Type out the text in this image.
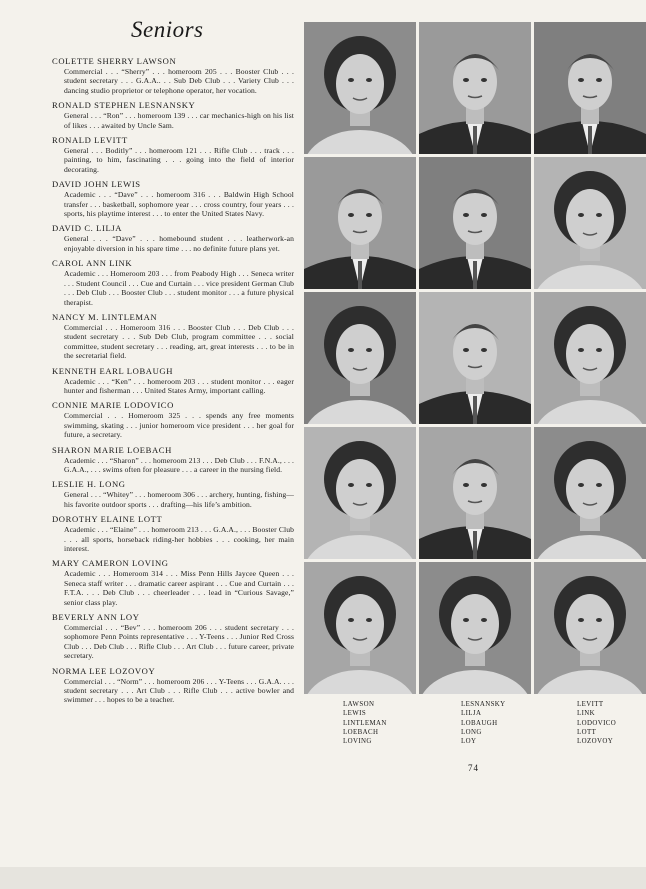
Seniors
COLETTE SHERRY LAWSON
Commercial . . . “Sherry” . . . homeroom 205 . . . Booster Club . . . student secretary . . . G.A.A.. . . Sub Deb Club . . . Variety Club . . . dancing studio proprietor or telephone operator, her vocation.
RONALD STEPHEN LESNANSKY
General . . . “Ron” . . . homeroom 139 . . . car mechanics-high on his list of likes . . . awaited by Uncle Sam.
RONALD LEVITT
General . . . Boditly” . . . homeroom 121 . . . Rifle Club . . . track . . . painting, to him, fascinating . . . going into the field of interior decorating.
DAVID JOHN LEWIS
Academic . . . “Dave” . . . homeroom 316 . . . Baldwin High School transfer . . . basketball, sophomore year . . . cross country, four years . . . sports, his playtime interest . . . to enter the United States Navy.
DAVID C. LILJA
General . . . “Dave” . . . homebound student . . . leatherwork-an enjoyable diversion in his spare time . . . no definite future plans yet.
CAROL ANN LINK
Academic . . . Homeroom 203 . . . from Peabody High . . . Seneca writer . . . Student Council . . . Cue and Curtain . . . vice president German Club . . . Deb Club . . . Booster Club . . . student monitor . . . a future physical therapist.
NANCY M. LINTLEMAN
Commercial . . . Homeroom 316 . . . Booster Club . . . Deb Club . . . student secretary . . . Sub Deb Club, program committee . . . social committee, student secretary . . . reading, art, great interests . . . to be in the secretarial field.
KENNETH EARL LOBAUGH
Academic . . . “Ken” . . . homeroom 203 . . . student monitor . . . eager hunter and fisherman . . . United States Army, important calling.
CONNIE MARIE LODOVICO
Commercial . . . Homeroom 325 . . . spends any free moments swimming, skating . . . junior homeroom vice president . . . her goal for future, a secretary.
SHARON MARIE LOEBACH
Academic . . . “Sharon” . . . homeroom 213 . . . Deb Club . . . F.N.A., . . . G.A.A., . . . swims often for pleasure . . . a career in the nursing field.
LESLIE H. LONG
General . . . “Whitey” . . . homeroom 306 . . . archery, hunting, fishing—his favorite outdoor sports . . . drafting—his life’s ambition.
DOROTHY ELAINE LOTT
Academic . . . “Elaine” . . . homeroom 213 . . . G.A.A., . . . Booster Club . . . all sports, horseback riding-her hobbies . . . cooking, her main interest.
MARY CAMERON LOVING
Academic . . . Homeroom 314 . . . Miss Penn Hills Jaycee Queen . . . Seneca staff writer . . . dramatic career aspirant . . . Cue and Curtain . . . F.T.A. . . . Deb Club . . . cheerleader . . . lead in “Curious Savage,” senior class play.
BEVERLY ANN LOY
Commercial . . . “Bev” . . . homeroom 206 . . . student secretary . . . sophomore Penn Points representative . . . Y-Teens . . . Junior Red Cross Club . . . Deb Club . . . Rifle Club . . . Art Club . . . future career, private secretary.
NORMA LEE LOZOVOY
Commercial . . . “Norm” . . . homeroom 206 . . . Y-Teens . . . G.A.A. . . . student secretary . . . Art Club . . . Rifle Club . . . active bowler and swimmer . . . hopes to be a teacher.
LAWSON
LEWIS
LINTLEMAN
LOEBACH
LOVING
LESNANSKY
LILJA
LOBAUGH
LONG
LOY
LEVITT
LINK
LODOVICO
LOTT
LOZOVOY
74
